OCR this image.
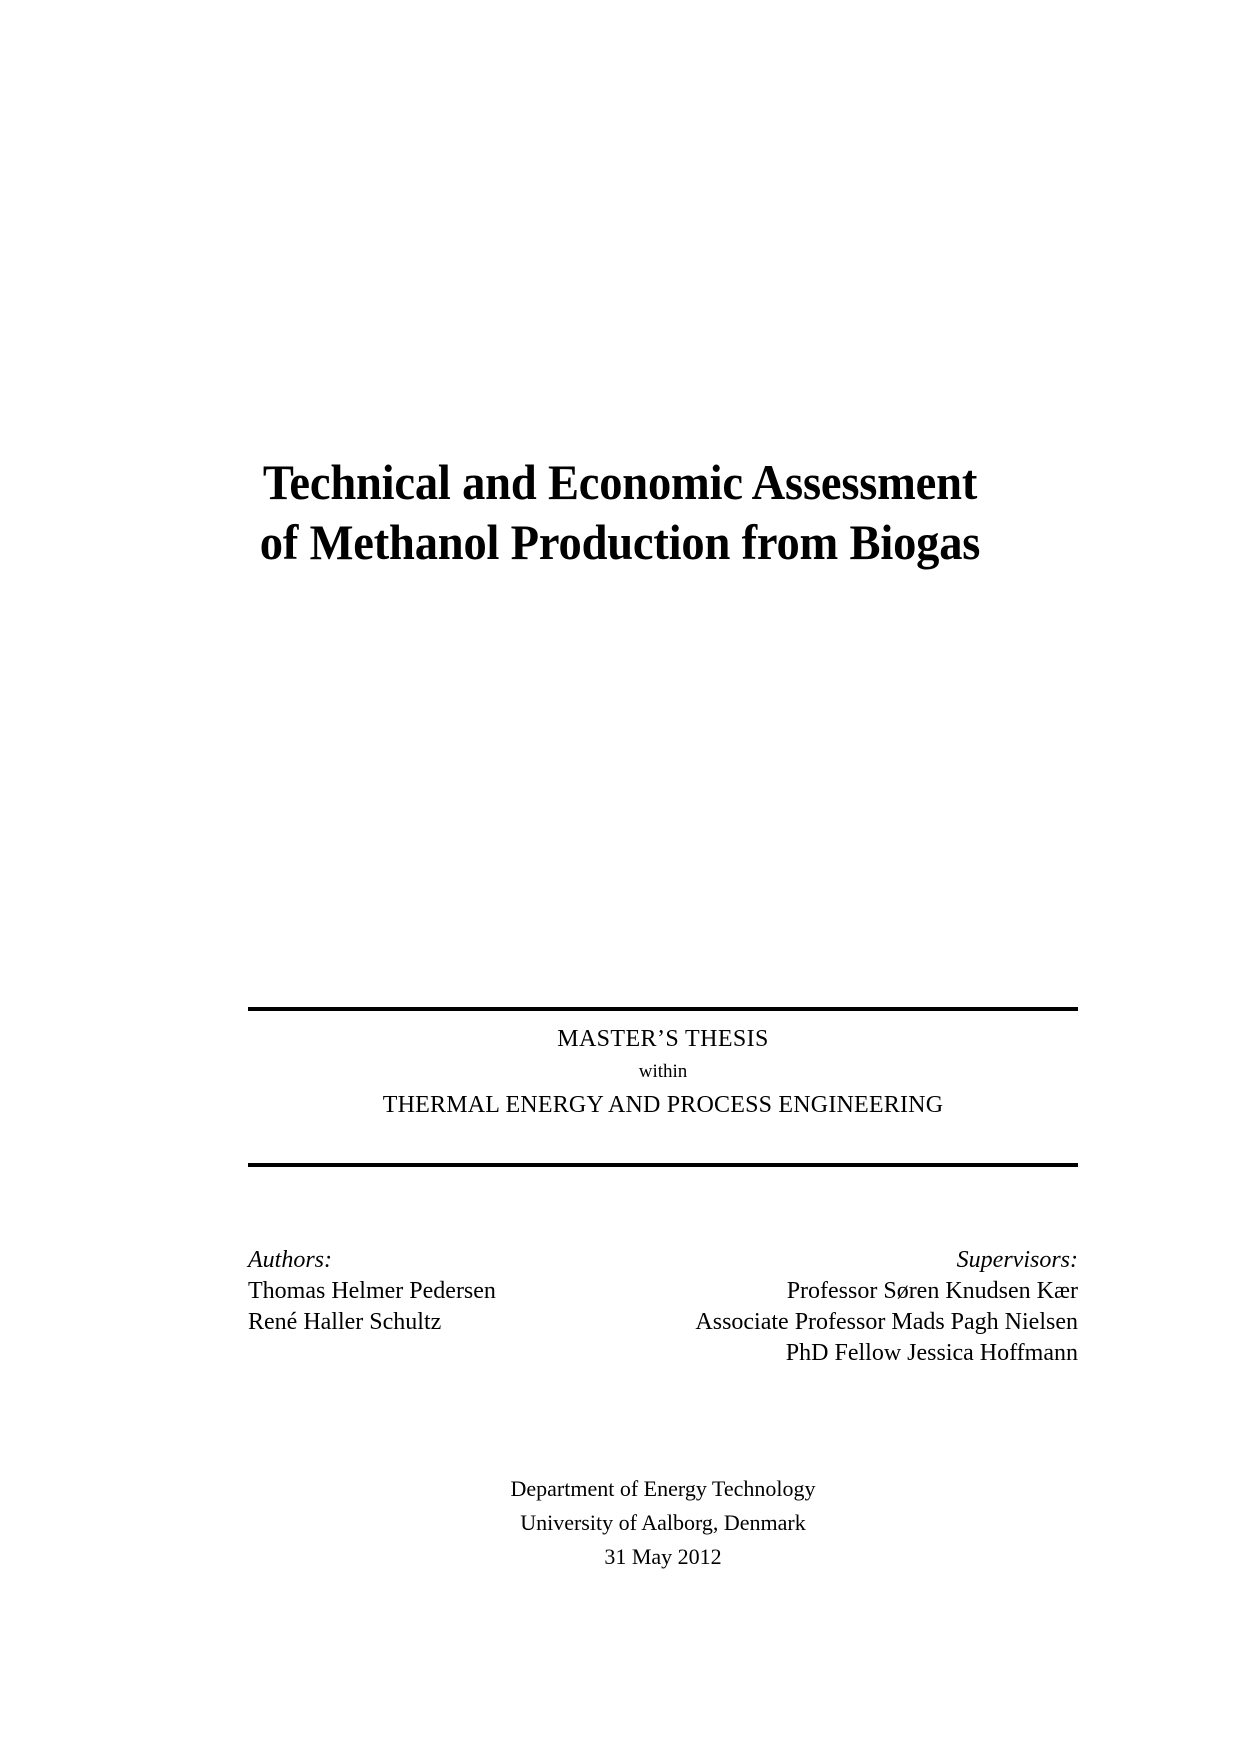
Technical and Economic Assessment
of Methanol Production from Biogas
MASTER’S THESIS
within
THERMAL ENERGY AND PROCESS ENGINEERING
Authors:
Thomas Helmer Pedersen
René Haller Schultz
Supervisors:
Professor Søren Knudsen Kær
Associate Professor Mads Pagh Nielsen
PhD Fellow Jessica Hoffmann
Department of Energy Technology
University of Aalborg, Denmark
31 May 2012
